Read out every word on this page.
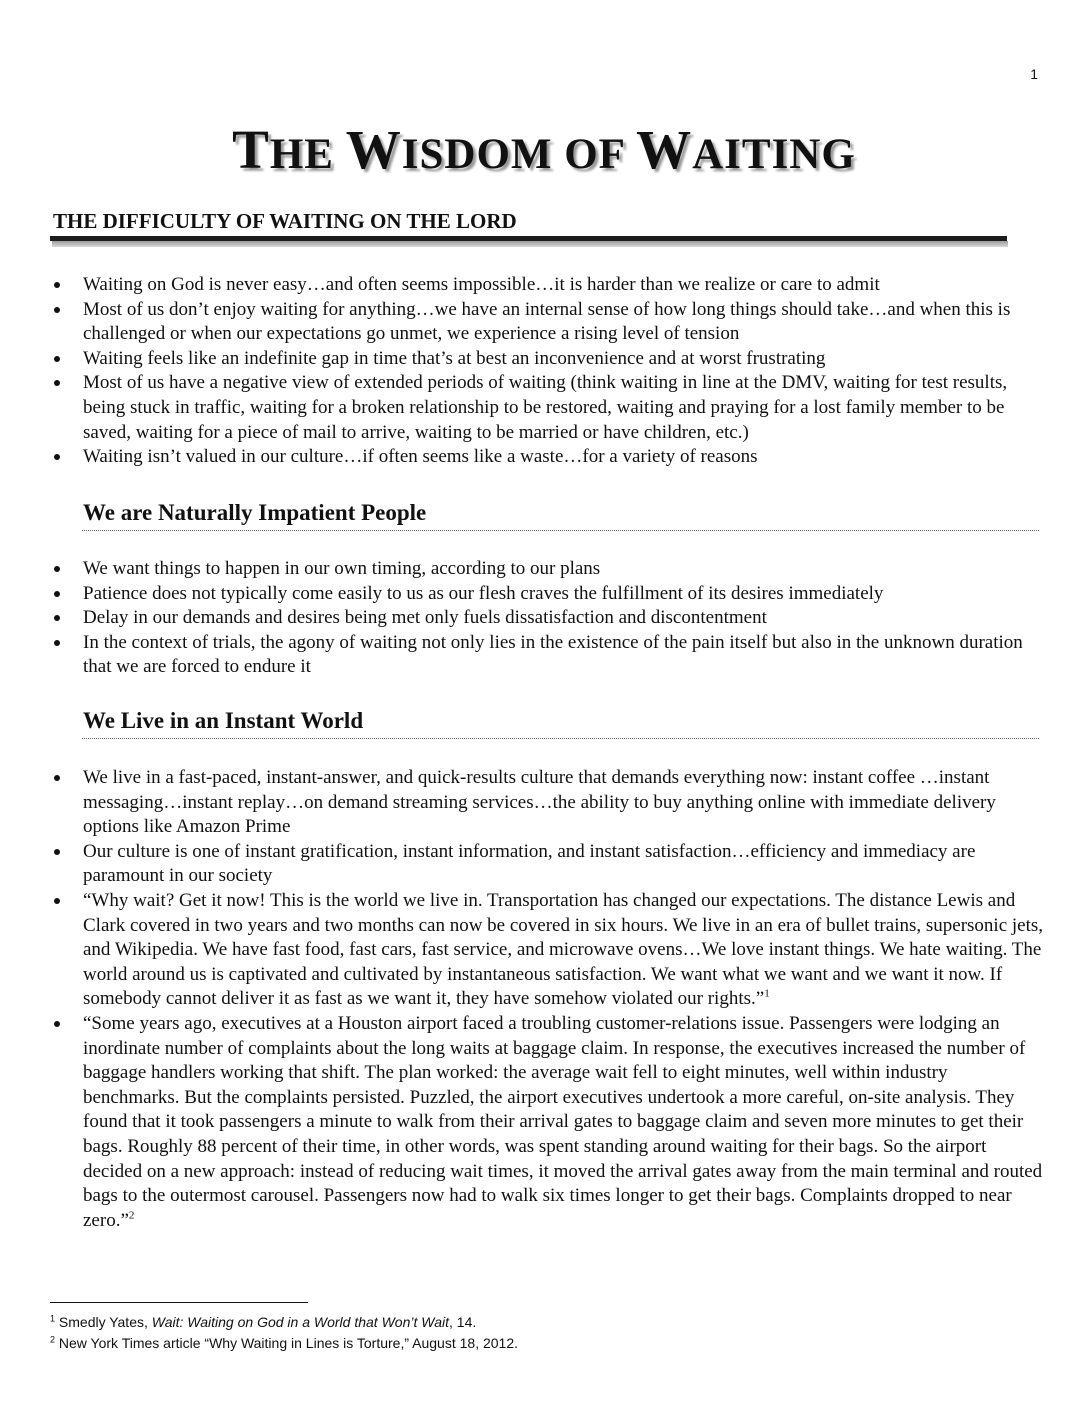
1
THE WISDOM OF WAITING
THE DIFFICULTY OF WAITING ON THE LORD
Waiting on God is never easy…and often seems impossible…it is harder than we realize or care to admit
Most of us don’t enjoy waiting for anything…we have an internal sense of how long things should take…and when this is challenged or when our expectations go unmet, we experience a rising level of tension
Waiting feels like an indefinite gap in time that’s at best an inconvenience and at worst frustrating
Most of us have a negative view of extended periods of waiting (think waiting in line at the DMV, waiting for test results, being stuck in traffic, waiting for a broken relationship to be restored, waiting and praying for a lost family member to be saved, waiting for a piece of mail to arrive, waiting to be married or have children, etc.)
Waiting isn’t valued in our culture…if often seems like a waste…for a variety of reasons
We are Naturally Impatient People
We want things to happen in our own timing, according to our plans
Patience does not typically come easily to us as our flesh craves the fulfillment of its desires immediately
Delay in our demands and desires being met only fuels dissatisfaction and discontentment
In the context of trials, the agony of waiting not only lies in the existence of the pain itself but also in the unknown duration that we are forced to endure it
We Live in an Instant World
We live in a fast-paced, instant-answer, and quick-results culture that demands everything now: instant coffee …instant messaging…instant replay…on demand streaming services…the ability to buy anything online with immediate delivery options like Amazon Prime
Our culture is one of instant gratification, instant information, and instant satisfaction…efficiency and immediacy are paramount in our society
“Why wait? Get it now! This is the world we live in. Transportation has changed our expectations. The distance Lewis and Clark covered in two years and two months can now be covered in six hours. We live in an era of bullet trains, supersonic jets, and Wikipedia. We have fast food, fast cars, fast service, and microwave ovens…We love instant things. We hate waiting. The world around us is captivated and cultivated by instantaneous satisfaction. We want what we want and we want it now. If somebody cannot deliver it as fast as we want it, they have somehow violated our rights.”$^1$
“Some years ago, executives at a Houston airport faced a troubling customer-relations issue. Passengers were lodging an inordinate number of complaints about the long waits at baggage claim. In response, the executives increased the number of baggage handlers working that shift. The plan worked: the average wait fell to eight minutes, well within industry benchmarks. But the complaints persisted. Puzzled, the airport executives undertook a more careful, on-site analysis. They found that it took passengers a minute to walk from their arrival gates to baggage claim and seven more minutes to get their bags. Roughly 88 percent of their time, in other words, was spent standing around waiting for their bags. So the airport decided on a new approach: instead of reducing wait times, it moved the arrival gates away from the main terminal and routed bags to the outermost carousel. Passengers now had to walk six times longer to get their bags. Complaints dropped to near zero.”$^2$
$^1$ Smedly Yates, Wait: Waiting on God in a World that Won’t Wait, 14.
$^2$ New York Times article “Why Waiting in Lines is Torture,” August 18, 2012.
